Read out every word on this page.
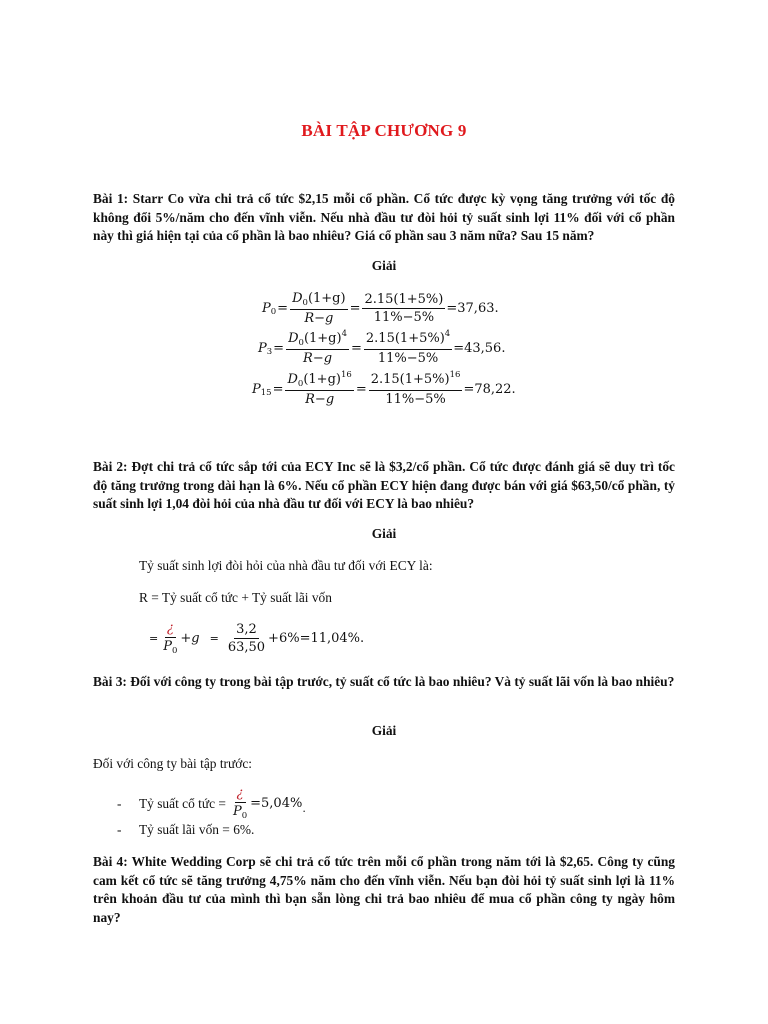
BÀI TẬP CHƯƠNG 9
Bài 1: Starr Co vừa chi trả cổ tức $2,15 mỗi cổ phần. Cổ tức được kỳ vọng tăng trưởng với tốc độ không đổi 5%/năm cho đến vĩnh viễn. Nếu nhà đầu tư đòi hỏi tỷ suất sinh lợi 11% đối với cổ phần này thì giá hiện tại của cổ phần là bao nhiêu? Giá cổ phần sau 3 năm nữa? Sau 15 năm?
Giải
P $0 = \frac{D_0(1+g)}{R-g} = \frac{2.15(1+5\%)}{11\%-5\%} =37,63$.
P $3 = \frac{D_0(1+g)^4}{R-g} = \frac{2.15(1+5\%)^4}{11\%-5\%} =43,56$.
P $15 = \frac{D_0(1+g)^{16}}{R-g} = \frac{2.15(1+5\%)^{16}}{11\%-5\%} =78,22$.
Bài 2: Đợt chi trả cổ tức sắp tới của ECY Inc sẽ là $3,2/cổ phần. Cổ tức được đánh giá sẽ duy trì tốc độ tăng trưởng trong dài hạn là 6%. Nếu cổ phần ECY hiện đang được bán với giá $63,50/cổ phần, tỷ suất sinh lợi 1,04 đòi hỏi của nhà đầu tư đối với ECY là bao nhiêu?
Giải
Tỷ suất sinh lợi đòi hỏi của nhà đầu tư đối với ECY là:
R = Tỷ suất cổ tức + Tỷ suất lãi vốn
= $\frac{¿}{P_0} +g = \frac{3,2}{63,50} +6\%=11,04\%$.
Bài 3: Đối với công ty trong bài tập trước, tỷ suất cổ tức là bao nhiêu? Và tỷ suất lãi vốn là bao nhiêu?
Giải
Đối với công ty bài tập trước:
- Tỷ suất cổ tức = $\frac{¿}{P_0} =5,04\%$ .
- Tỷ suất lãi vốn = 6%.
Bài 4: White Wedding Corp sẽ chi trả cổ tức trên mỗi cổ phần trong năm tới là $2,65. Công ty cũng cam kết cổ tức sẽ tăng trưởng 4,75% năm cho đến vĩnh viễn. Nếu bạn đòi hỏi tỷ suất sinh lợi là 11% trên khoản đầu tư của mình thì bạn sẵn lòng chi trả bao nhiêu để mua cổ phần công ty ngày hôm nay?
